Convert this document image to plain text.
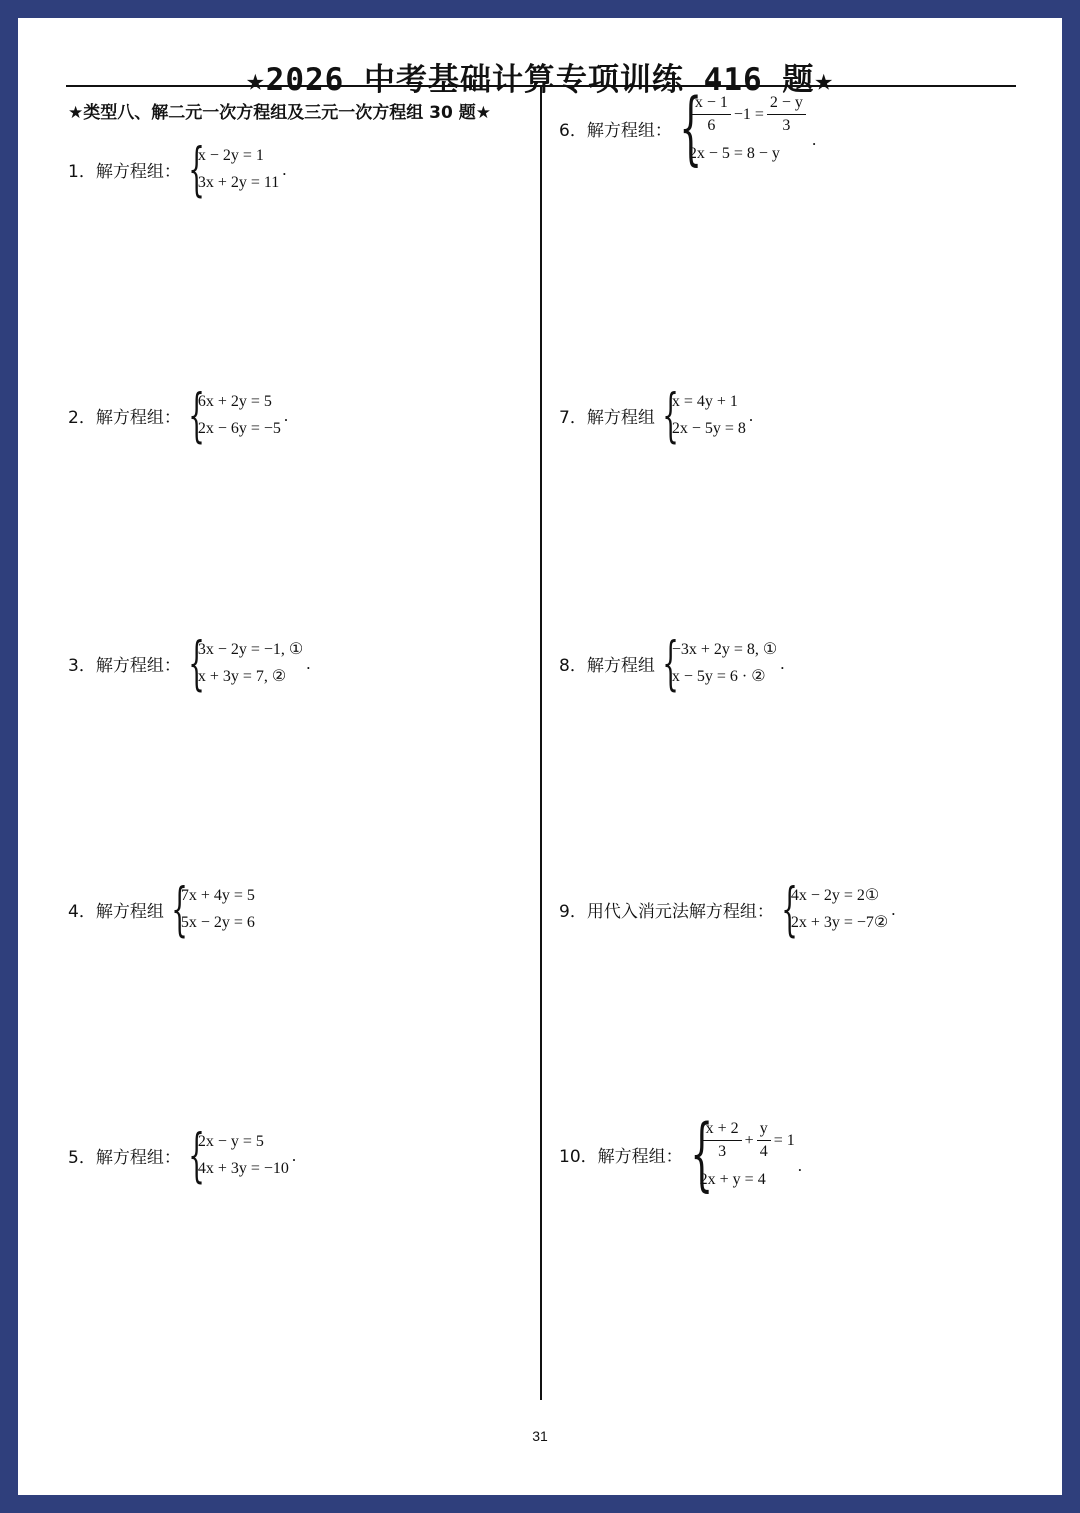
★2026 中考基础计算专项训练 416 题★
★类型八、解二元一次方程组及三元一次方程组 30 题★
1．解方程组： {
x − 2y = 1
3x + 2y = 11
.
2．解方程组： {
6x + 2y = 5
2x − 6y = −5
.
3．解方程组： {
3x − 2y = −1, ①
x + 3y = 7, ②
.
4．解方程组 {
7x + 4y = 5
5x − 2y = 6
5．解方程组： {
2x − y = 5
4x + 3y = −10
.
6．解方程组： {
$\frac{x - 1}{6} -1 = \frac{2 - y}{3}$
2x − 5 = 8 − y
.
7．解方程组 {
x = 4y + 1
2x − 5y = 8
.
8．解方程组 {
−3x + 2y = 8, ①
x − 5y = 6 · ②
.
9．用代入消元法解方程组： {
4x − 2y = 2①
2x + 3y = −7②
.
10．解方程组： {
$\frac{x + 2}{3} + \frac{y}{4} = 1$
2x + y = 4
.
31
